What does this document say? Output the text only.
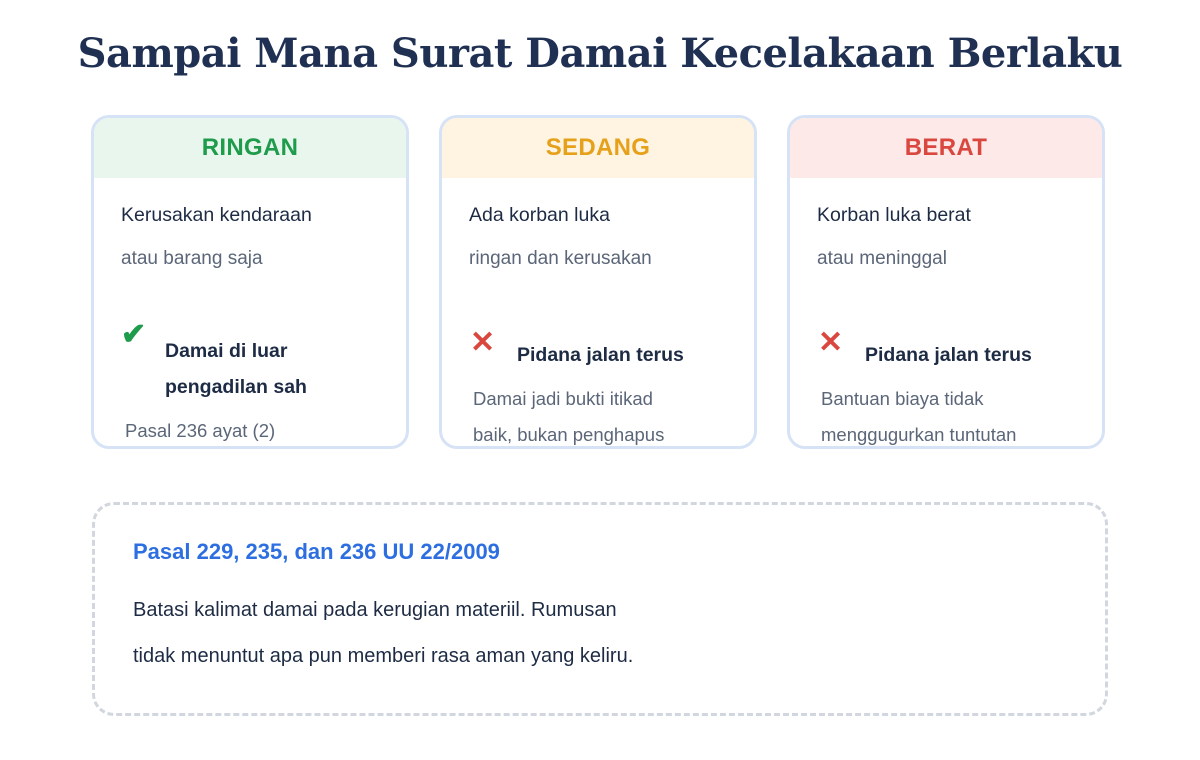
Sampai Mana Surat Damai Kecelakaan Berlaku
RINGAN
Kerusakan kendaraan
atau barang saja
✔ Damai di luar
pengadilan sah
Pasal 236 ayat (2)
SEDANG
Ada korban luka
ringan dan kerusakan
✕ Pidana jalan terus
Damai jadi bukti itikad
baik, bukan penghapus
BERAT
Korban luka berat
atau meninggal
✕ Pidana jalan terus
Bantuan biaya tidak
menggugurkan tuntutan
Pasal 229, 235, dan 236 UU 22/2009
Batasi kalimat damai pada kerugian materiil. Rumusan
tidak menuntut apa pun memberi rasa aman yang keliru.
